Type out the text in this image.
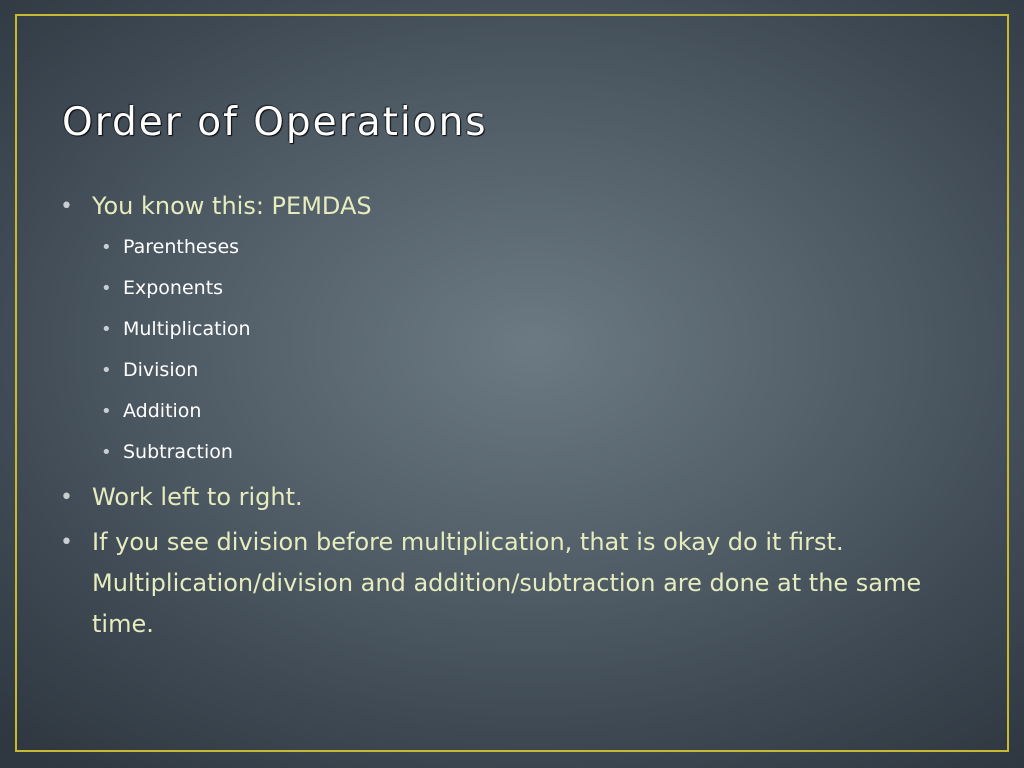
Order of Operations
• You know this: PEMDAS
• Parentheses
• Exponents
• Multiplication
• Division
• Addition
• Subtraction
• Work left to right.
• If you see division before multiplication, that is okay do it first. Multiplication/division and addition/subtraction are done at the same time.
